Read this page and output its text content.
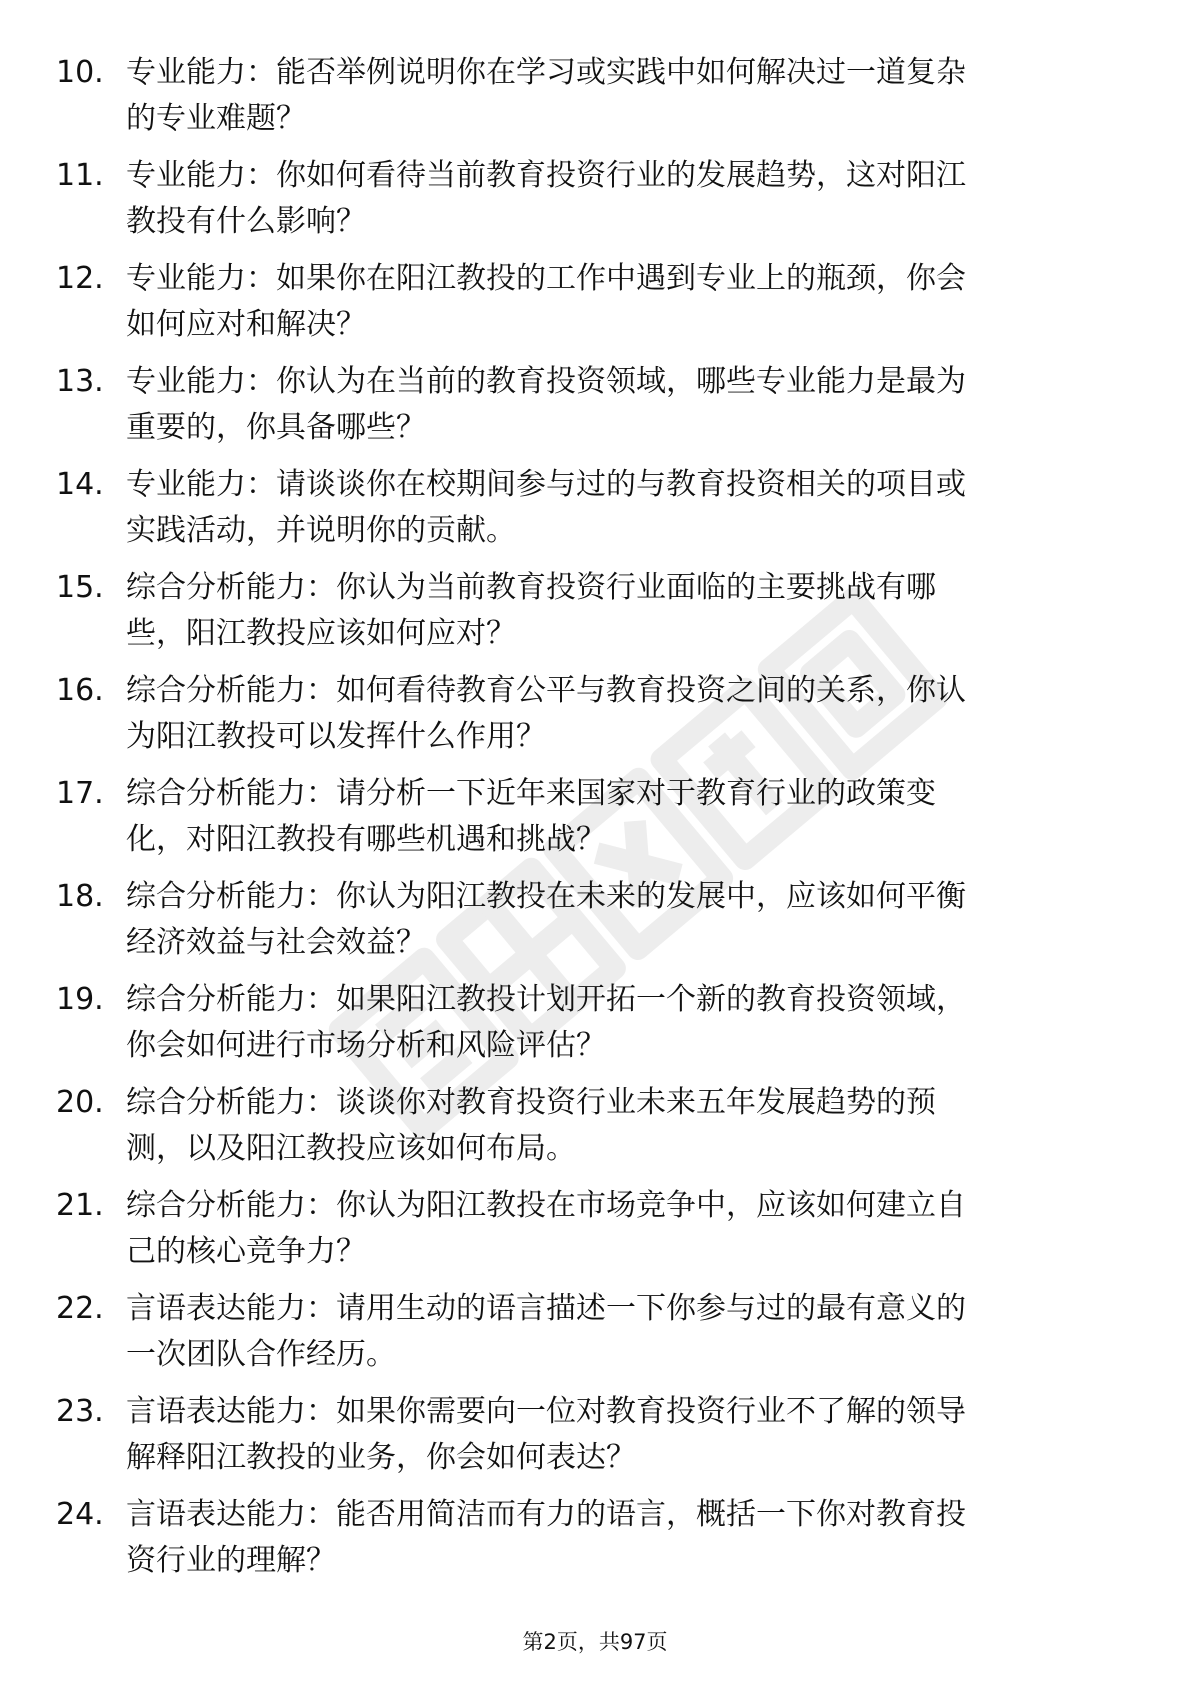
10. 专业能力：能否举例说明你在学习或实践中如何解决过一道复杂
的专业难题？
11. 专业能力：你如何看待当前教育投资行业的发展趋势，这对阳江
教投有什么影响？
12. 专业能力：如果你在阳江教投的工作中遇到专业上的瓶颈，你会
如何应对和解决？
13. 专业能力：你认为在当前的教育投资领域，哪些专业能力是最为
重要的，你具备哪些？
14. 专业能力：请谈谈你在校期间参与过的与教育投资相关的项目或
实践活动，并说明你的贡献。
15. 综合分析能力：你认为当前教育投资行业面临的主要挑战有哪
些，阳江教投应该如何应对？
16. 综合分析能力：如何看待教育公平与教育投资之间的关系，你认
为阳江教投可以发挥什么作用？
17. 综合分析能力：请分析一下近年来国家对于教育行业的政策变
化，对阳江教投有哪些机遇和挑战？
18. 综合分析能力：你认为阳江教投在未来的发展中，应该如何平衡
经济效益与社会效益？
19. 综合分析能力：如果阳江教投计划开拓一个新的教育投资领域，
你会如何进行市场分析和风险评估？
20. 综合分析能力：谈谈你对教育投资行业未来五年发展趋势的预
测，以及阳江教投应该如何布局。
21. 综合分析能力：你认为阳江教投在市场竞争中，应该如何建立自
己的核心竞争力？
22. 言语表达能力：请用生动的语言描述一下你参与过的最有意义的
一次团队合作经历。
23. 言语表达能力：如果你需要向一位对教育投资行业不了解的领导
解释阳江教投的业务，你会如何表达？
24. 言语表达能力：能否用简洁而有力的语言，概括一下你对教育投
资行业的理解？
第2页，共97页
